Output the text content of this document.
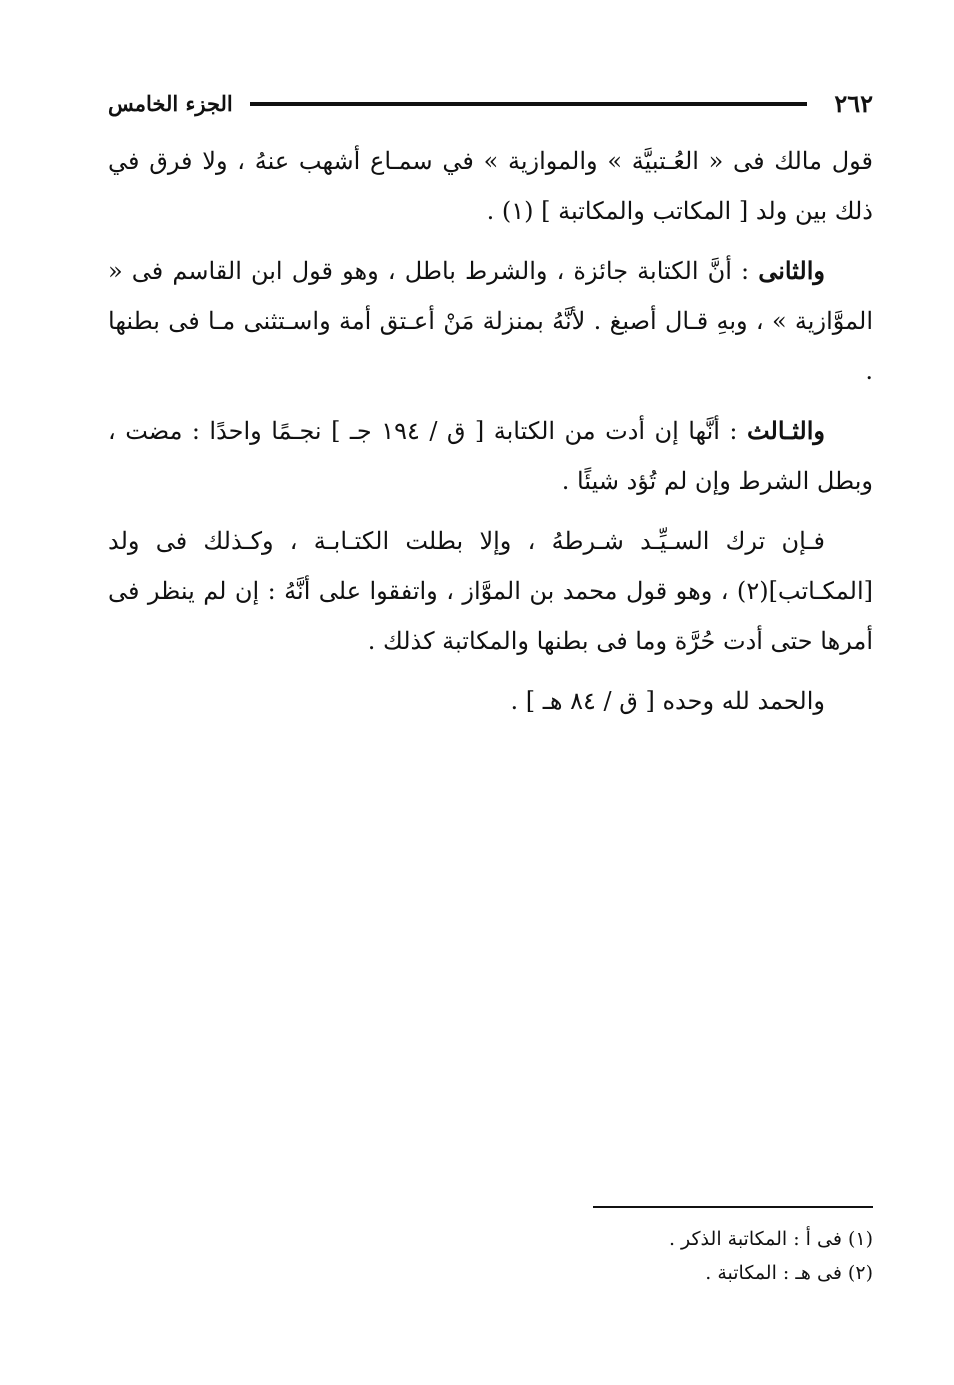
٢٦٢
الجزء الخامس

قول مالك فى « العُـتبيَّة » والموازية » في سمـاع أشهب عنهُ ، ولا فرق في ذلك بين ولد [ المكاتب والمكاتبة ] (١) .

والثانى : أنَّ الكتابة جائزة ، والشرط باطل ، وهو قول ابن القاسم فى « الموَّازية » ، وبهِ قـال أصبغ . لأنَّهُ بمنزلة مَنْ أعـتق أمة واسـتثنى مـا فى بطنها .

والثـالث : أنَّها إن أدت من الكتابة [ ق / ١٩٤ جـ ] نجـمًا واحدًا : مضت ، وبطل الشرط وإن لم تُؤد شيئًا .

فـإن ترك السـيِّـد شـرطهُ ، وإلا بطلت الكتـابـة ، وكـذلك فى ولد [المكـاتب](٢) ، وهو قول محمد بن الموَّاز ، واتفقوا على أنَّهُ : إن لم ينظر فى أمرها حتى أدت حُرَّة وما فى بطنها والمكاتبة كذلك .

والحمد لله وحده [ ق / ٨٤ هـ ] .

(١) فى أ : المكاتبة الذكر .

(٢) فى هـ : المكاتبة .
